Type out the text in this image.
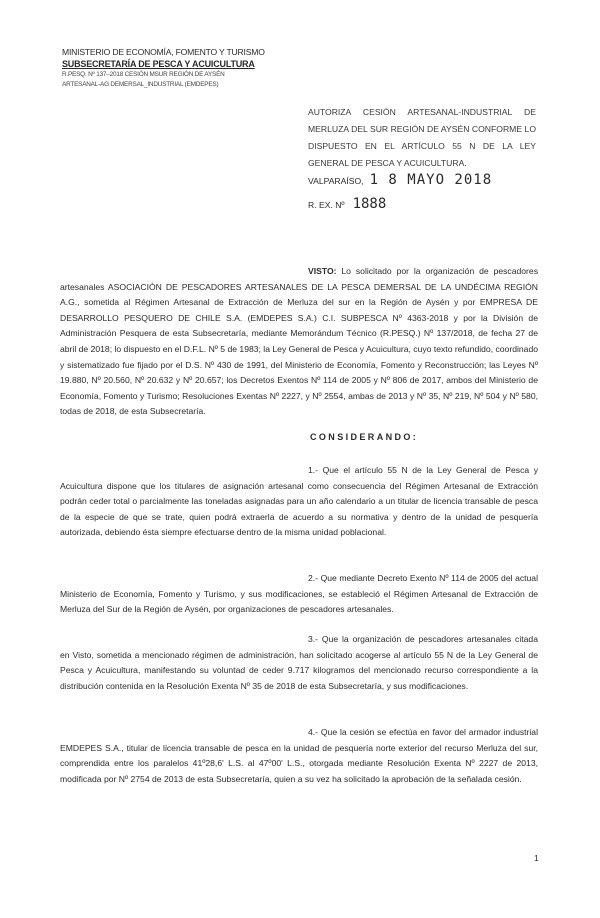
MINISTERIO DE ECONOMÍA, FOMENTO Y TURISMO
SUBSECRETARÍA DE PESCA Y ACUICULTURA
R.PESQ. Nº 137–2018 CESIÓN MSUR REGIÓN DE AYSÉN
ARTESANAL-AG DEMERSAL_INDUSTRIAL (EMDEPES)
AUTORIZA CESIÓN ARTESANAL-INDUSTRIAL DE MERLUZA DEL SUR REGIÓN DE AYSÉN CONFORME LO DISPUESTO EN EL ARTÍCULO 55 N DE LA LEY GENERAL DE PESCA Y ACUICULTURA.
VALPARAÍSO, 1 8 MAYO 2018
R. EX. Nº 1888
VISTO: Lo solicitado por la organización de pescadores artesanales ASOCIACIÓN DE PESCADORES ARTESANALES DE LA PESCA DEMERSAL DE LA UNDÉCIMA REGIÓN A.G., sometida al Régimen Artesanal de Extracción de Merluza del sur en la Región de Aysén y por EMPRESA DE DESARROLLO PESQUERO DE CHILE S.A. (EMDEPES S.A.) C.I. SUBPESCA Nº 4363-2018 y por la División de Administración Pesquera de esta Subsecretaría, mediante Memorándum Técnico (R.PESQ.) Nº 137/2018, de fecha 27 de abril de 2018; lo dispuesto en el D.F.L. Nº 5 de 1983; la Ley General de Pesca y Acuicultura, cuyo texto refundido, coordinado y sistematizado fue fijado por el D.S. Nº 430 de 1991, del Ministerio de Economía, Fomento y Reconstrucción; las Leyes Nº 19.880, Nº 20.560, Nº 20.632 y Nº 20.657; los Decretos Exentos Nº 114 de 2005 y Nº 806 de 2017, ambos del Ministerio de Economía, Fomento y Turismo; Resoluciones Exentas Nº 2227, y Nº 2554, ambas de 2013 y Nº 35, Nº 219, Nº 504 y Nº 580, todas de 2018, de esta Subsecretaría.
CONSIDERANDO:
1.- Que el artículo 55 N de la Ley General de Pesca y Acuicultura dispone que los titulares de asignación artesanal como consecuencia del Régimen Artesanal de Extracción podrán ceder total o parcialmente las toneladas asignadas para un año calendario a un titular de licencia transable de pesca de la especie de que se trate, quien podrá extraerla de acuerdo a su normativa y dentro de la unidad de pesquería autorizada, debiendo ésta siempre efectuarse dentro de la misma unidad poblacional.
2.- Que mediante Decreto Exento Nº 114 de 2005 del actual Ministerio de Economía, Fomento y Turismo, y sus modificaciones, se estableció el Régimen Artesanal de Extracción de Merluza del Sur de la Región de Aysén, por organizaciones de pescadores artesanales.
3.- Que la organización de pescadores artesanales citada en Visto, sometida a mencionado régimen de administración, han solicitado acogerse al artículo 55 N de la Ley General de Pesca y Acuicultura, manifestando su voluntad de ceder 9.717 kilogramos del mencionado recurso correspondiente a la distribución contenida en la Resolución Exenta Nº 35 de 2018 de esta Subsecretaría, y sus modificaciones.
4.- Que la cesión se efectúa en favor del armador industrial EMDEPES S.A., titular de licencia transable de pesca en la unidad de pesquería norte exterior del recurso Merluza del sur, comprendida entre los paralelos 41º28,6' L.S. al 47º00' L.S., otorgada mediante Resolución Exenta Nº 2227 de 2013, modificada por Nº 2754 de 2013 de esta Subsecretaría, quien a su vez ha solicitado la aprobación de la señalada cesión.
1
